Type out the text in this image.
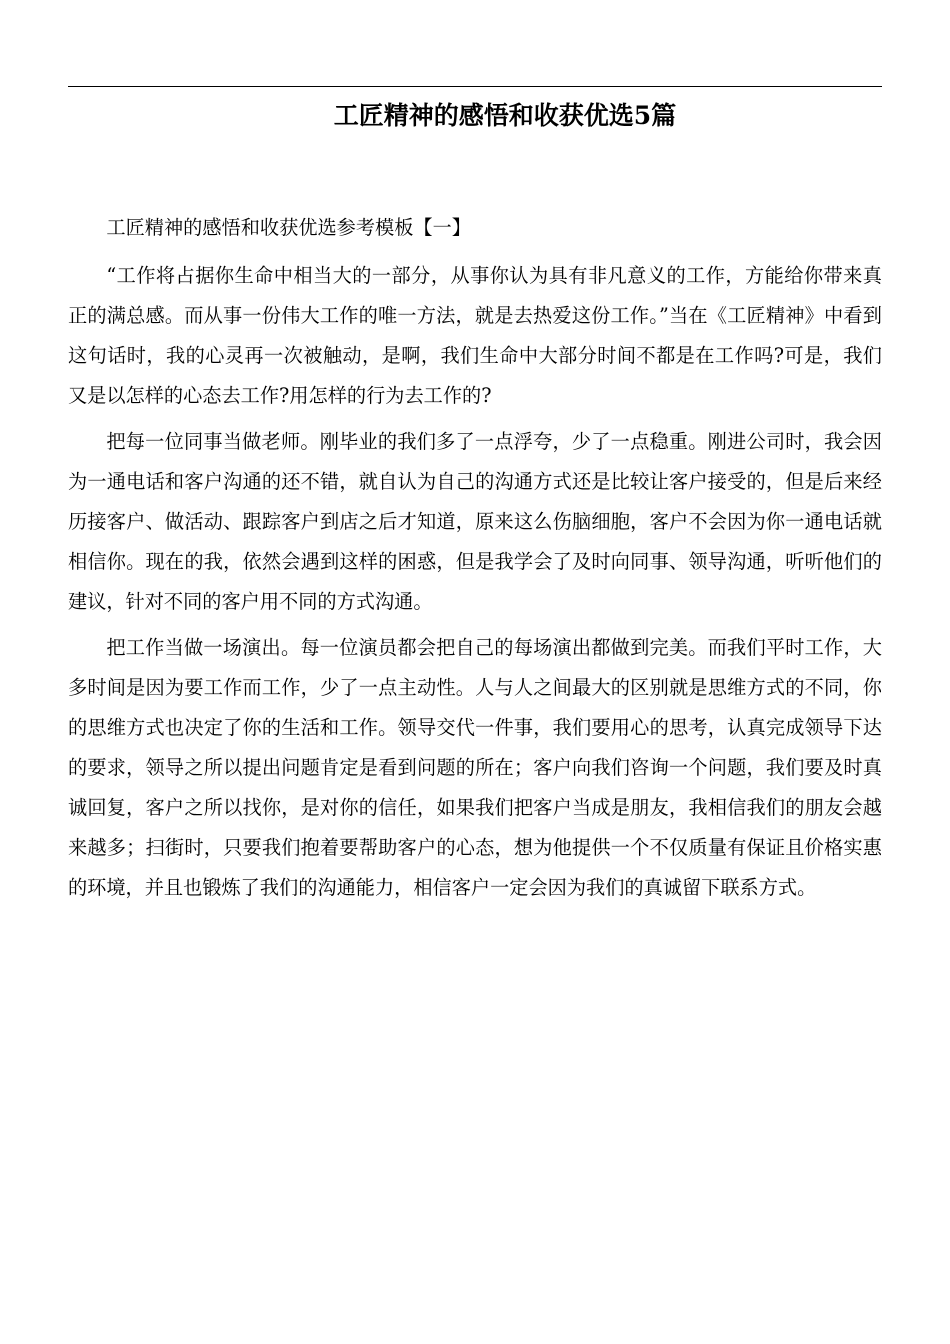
工匠精神的感悟和收获优选5篇

工匠精神的感悟和收获优选参考模板【一】

“工作将占据你生命中相当大的一部分，从事你认为具有非凡意义的工作，方能给你带来真正的满总感。而从事一份伟大工作的唯一方法，就是去热爱这份工作。”当在《工匠精神》中看到这句话时，我的心灵再一次被触动，是啊，我们生命中大部分时间不都是在工作吗?可是，我们又是以怎样的心态去工作?用怎样的行为去工作的?

把每一位同事当做老师。刚毕业的我们多了一点浮夸，少了一点稳重。刚进公司时，我会因为一通电话和客户沟通的还不错，就自认为自己的沟通方式还是比较让客户接受的，但是后来经历接客户、做活动、跟踪客户到店之后才知道，原来这么伤脑细胞，客户不会因为你一通电话就相信你。现在的我，依然会遇到这样的困惑，但是我学会了及时向同事、领导沟通，听听他们的建议，针对不同的客户用不同的方式沟通。

把工作当做一场演出。每一位演员都会把自己的每场演出都做到完美。而我们平时工作，大多时间是因为要工作而工作，少了一点主动性。人与人之间最大的区别就是思维方式的不同，你的思维方式也决定了你的生活和工作。领导交代一件事，我们要用心的思考，认真完成领导下达的要求，领导之所以提出问题肯定是看到问题的所在；客户向我们咨询一个问题，我们要及时真诚回复，客户之所以找你，是对你的信任，如果我们把客户当成是朋友，我相信我们的朋友会越来越多；扫街时，只要我们抱着要帮助客户的心态，想为他提供一个不仅质量有保证且价格实惠的环境，并且也锻炼了我们的沟通能力，相信客户一定会因为我们的真诚留下联系方式。
